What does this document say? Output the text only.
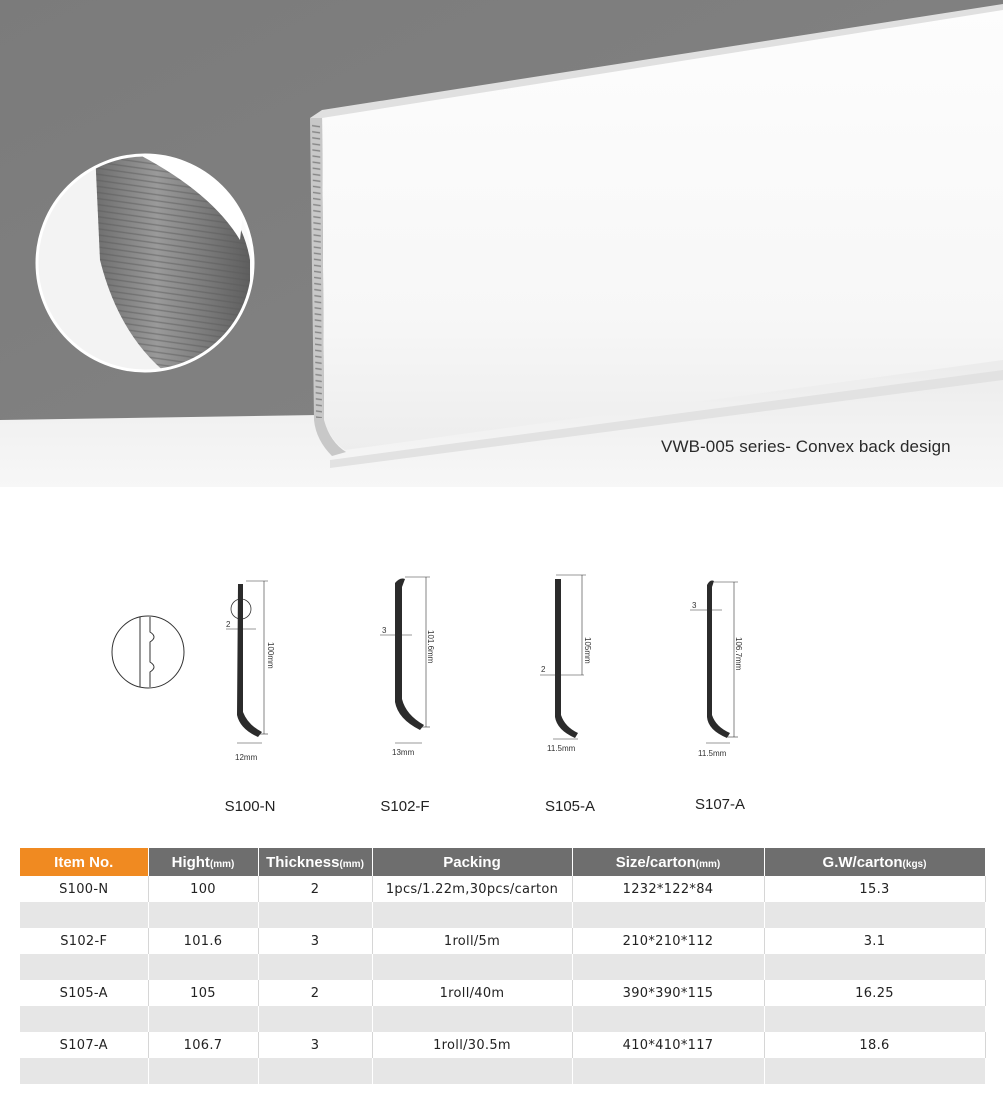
VWB-005 series- Convex back design
100mm
2
12mm
101.6mm
3
13mm
105mm
2
11.5mm
106.7mm
3
11.5mm
S100-N	S102-F	S105-A	S107-A
Item No.	Hight(mm)	Thickness(mm)	Packing	Size/carton(mm)	G.W/carton(kgs)
S100-N	100	2	1pcs/1.22m,30pcs/carton	1232*122*84	15.3

S102-F	101.6	3	1roll/5m	210*210*112	3.1

S105-A	105	2	1roll/40m	390*390*115	16.25

S107-A	106.7	3	1roll/30.5m	410*410*117	18.6
